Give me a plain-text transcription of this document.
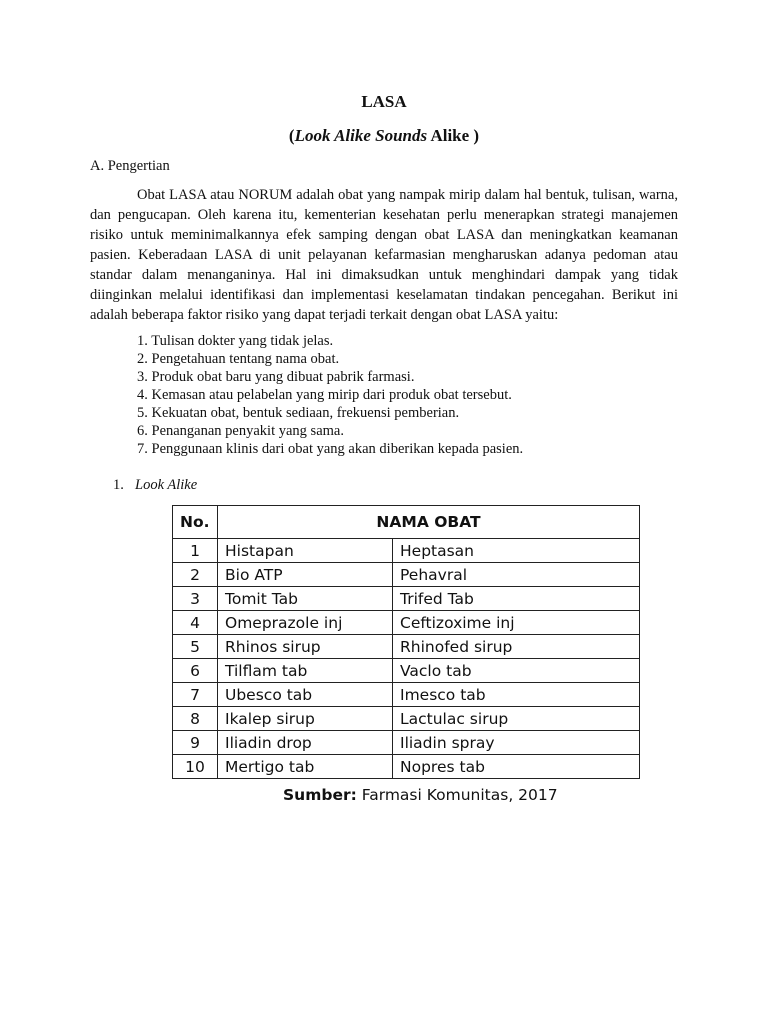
LASA
(Look Alike Sounds Alike )
A. Pengertian

Obat LASA atau NORUM adalah obat yang nampak mirip dalam hal bentuk, tulisan, warna, dan pengucapan. Oleh karena itu, kementerian kesehatan perlu menerapkan strategi manajemen risiko untuk meminimalkannya efek samping dengan obat LASA dan meningkatkan keamanan pasien. Keberadaan LASA di unit pelayanan kefarmasian mengharuskan adanya pedoman atau standar dalam menanganinya. Hal ini dimaksudkan untuk menghindari dampak yang tidak diinginkan melalui identifikasi dan implementasi keselamatan tindakan pencegahan. Berikut ini adalah beberapa faktor risiko yang dapat terjadi terkait dengan obat LASA yaitu:

1. Tulisan dokter yang tidak jelas.
2. Pengetahuan tentang nama obat.
3. Produk obat baru yang dibuat pabrik farmasi.
4. Kemasan atau pelabelan yang mirip dari produk obat tersebut.
5. Kekuatan obat, bentuk sediaan, frekuensi pemberian.
6. Penanganan penyakit yang sama.
7. Penggunaan klinis dari obat yang akan diberikan kepada pasien.
1. Look Alike
No.	NAMA OBAT	
1	Histapan	Heptasan
2	Bio ATP	Pehavral
3	Tomit Tab	Trifed Tab
4	Omeprazole inj	Ceftizoxime inj
5	Rhinos sirup	Rhinofed sirup
6	Tilflam tab	Vaclo tab
7	Ubesco tab	Imesco tab
8	Ikalep sirup	Lactulac sirup
9	Iliadin drop	Iliadin spray
10	Mertigo tab	Nopres tab
Sumber: Farmasi Komunitas, 2017
